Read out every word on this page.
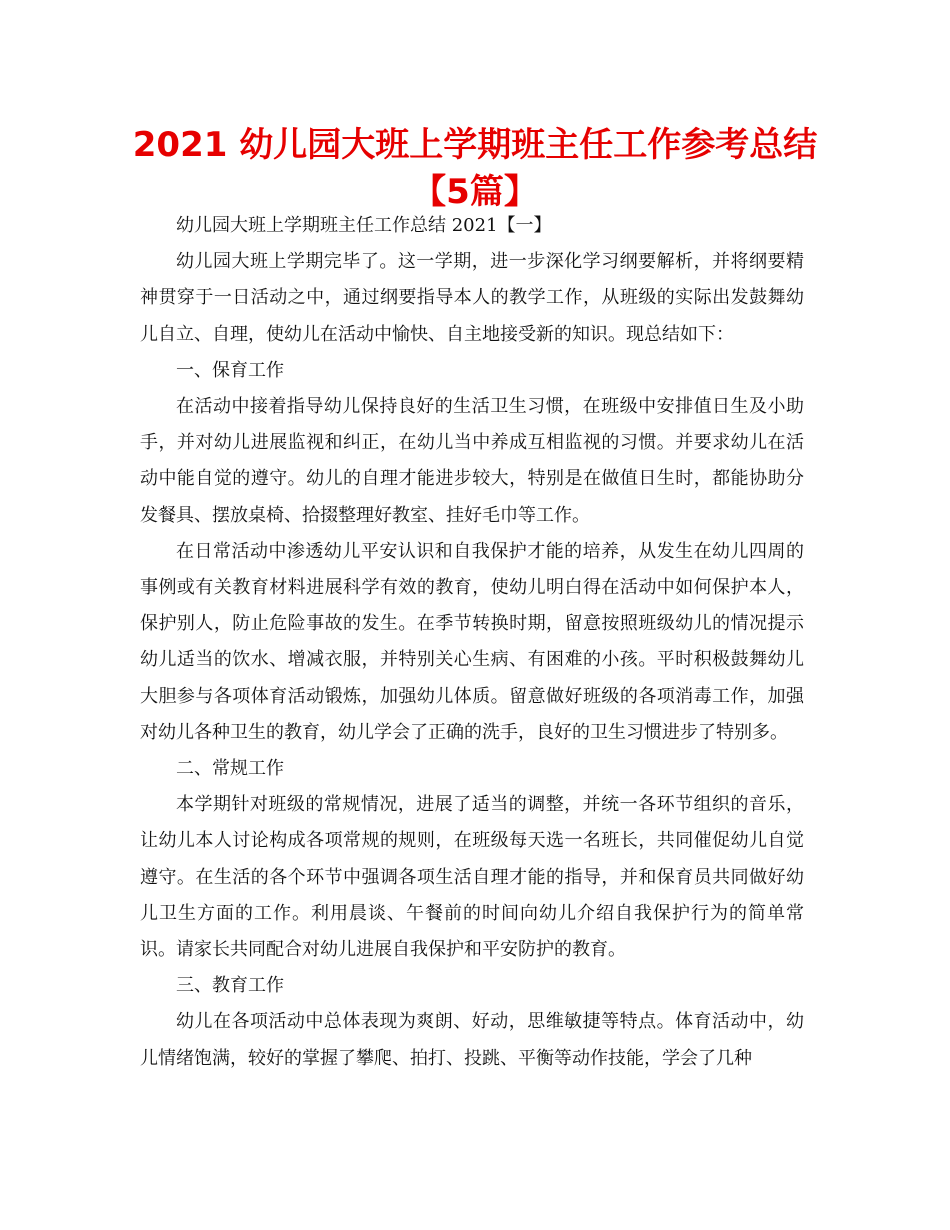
2021 幼儿园大班上学期班主任工作参考总结【5篇】

幼儿园大班上学期班主任工作总结 2021【一】

幼儿园大班上学期完毕了。这一学期，进一步深化学习纲要解析，并将纲要精神贯穿于一日活动之中，通过纲要指导本人的教学工作，从班级的实际出发鼓舞幼儿自立、自理，使幼儿在活动中愉快、自主地接受新的知识。现总结如下：

一、保育工作

在活动中接着指导幼儿保持良好的生活卫生习惯，在班级中安排值日生及小助手，并对幼儿进展监视和纠正，在幼儿当中养成互相监视的习惯。并要求幼儿在活动中能自觉的遵守。幼儿的自理才能进步较大，特别是在做值日生时，都能协助分发餐具、摆放桌椅、拾掇整理好教室、挂好毛巾等工作。

在日常活动中渗透幼儿平安认识和自我保护才能的培养，从发生在幼儿四周的事例或有关教育材料进展科学有效的教育，使幼儿明白得在活动中如何保护本人，保护别人，防止危险事故的发生。在季节转换时期，留意按照班级幼儿的情况提示幼儿适当的饮水、增减衣服，并特别关心生病、有困难的小孩。平时积极鼓舞幼儿大胆参与各项体育活动锻炼，加强幼儿体质。留意做好班级的各项消毒工作，加强对幼儿各种卫生的教育，幼儿学会了正确的洗手，良好的卫生习惯进步了特别多。

二、常规工作

本学期针对班级的常规情况，进展了适当的调整，并统一各环节组织的音乐，让幼儿本人讨论构成各项常规的规则，在班级每天选一名班长，共同催促幼儿自觉遵守。在生活的各个环节中强调各项生活自理才能的指导，并和保育员共同做好幼儿卫生方面的工作。利用晨谈、午餐前的时间向幼儿介绍自我保护行为的简单常识。请家长共同配合对幼儿进展自我保护和平安防护的教育。

三、教育工作

幼儿在各项活动中总体表现为爽朗、好动，思维敏捷等特点。体育活动中，幼儿情绪饱满，较好的掌握了攀爬、拍打、投跳、平衡等动作技能，学会了几种
